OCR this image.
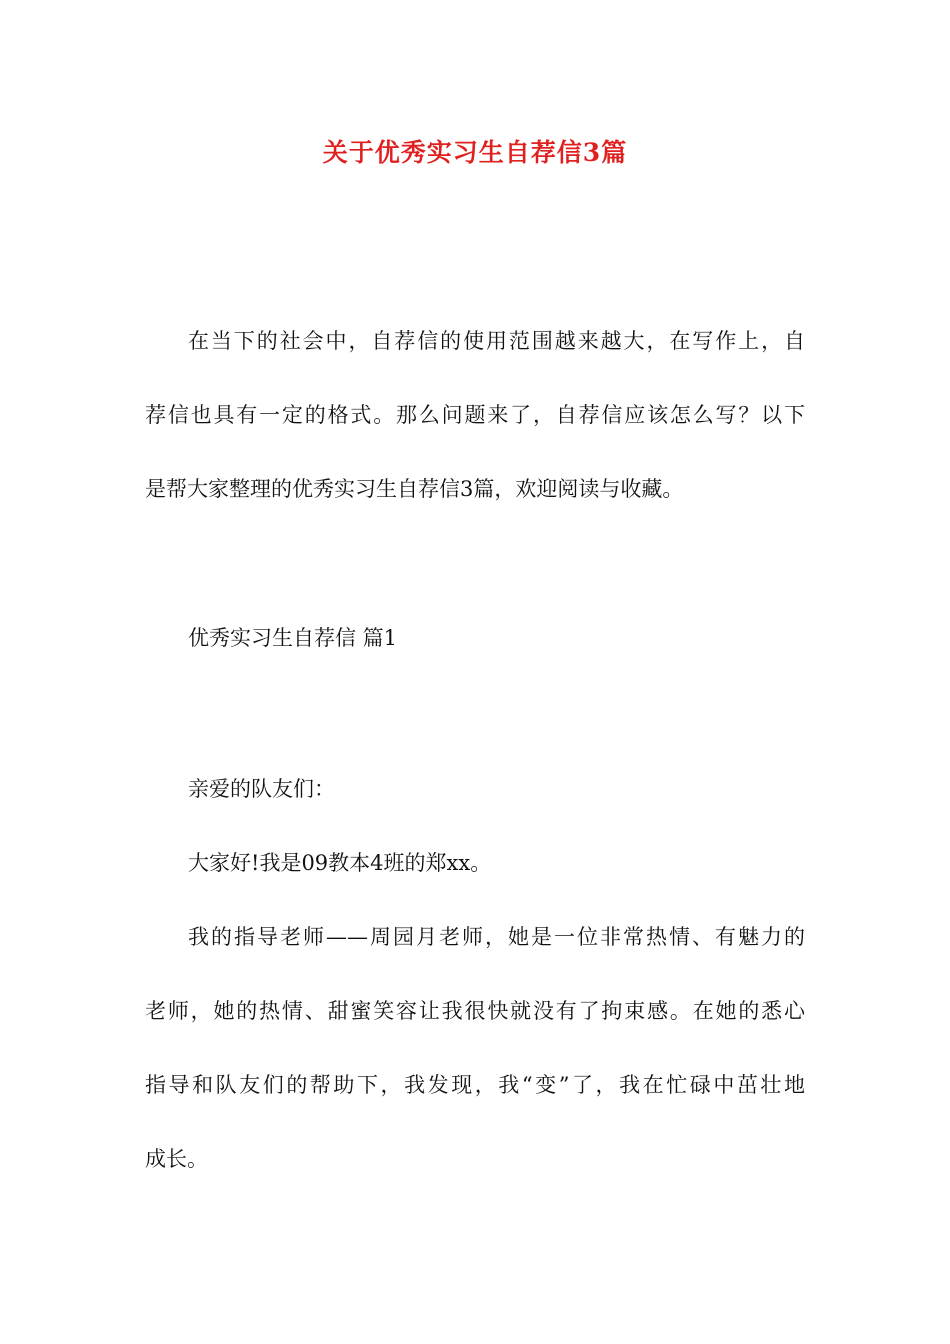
关于优秀实习生自荐信3篇
在当下的社会中，自荐信的使用范围越来越大，在写作上，自
荐信也具有一定的格式。那么问题来了，自荐信应该怎么写？以下
是帮大家整理的优秀实习生自荐信3篇，欢迎阅读与收藏。
优秀实习生自荐信 篇1
亲爱的队友们：
大家好!我是09教本4班的郑xx。
我的指导老师——周园月老师，她是一位非常热情、有魅力的
老师，她的热情、甜蜜笑容让我很快就没有了拘束感。在她的悉心
指导和队友们的帮助下，我发现，我“变”了，我在忙碌中茁壮地
成长。
